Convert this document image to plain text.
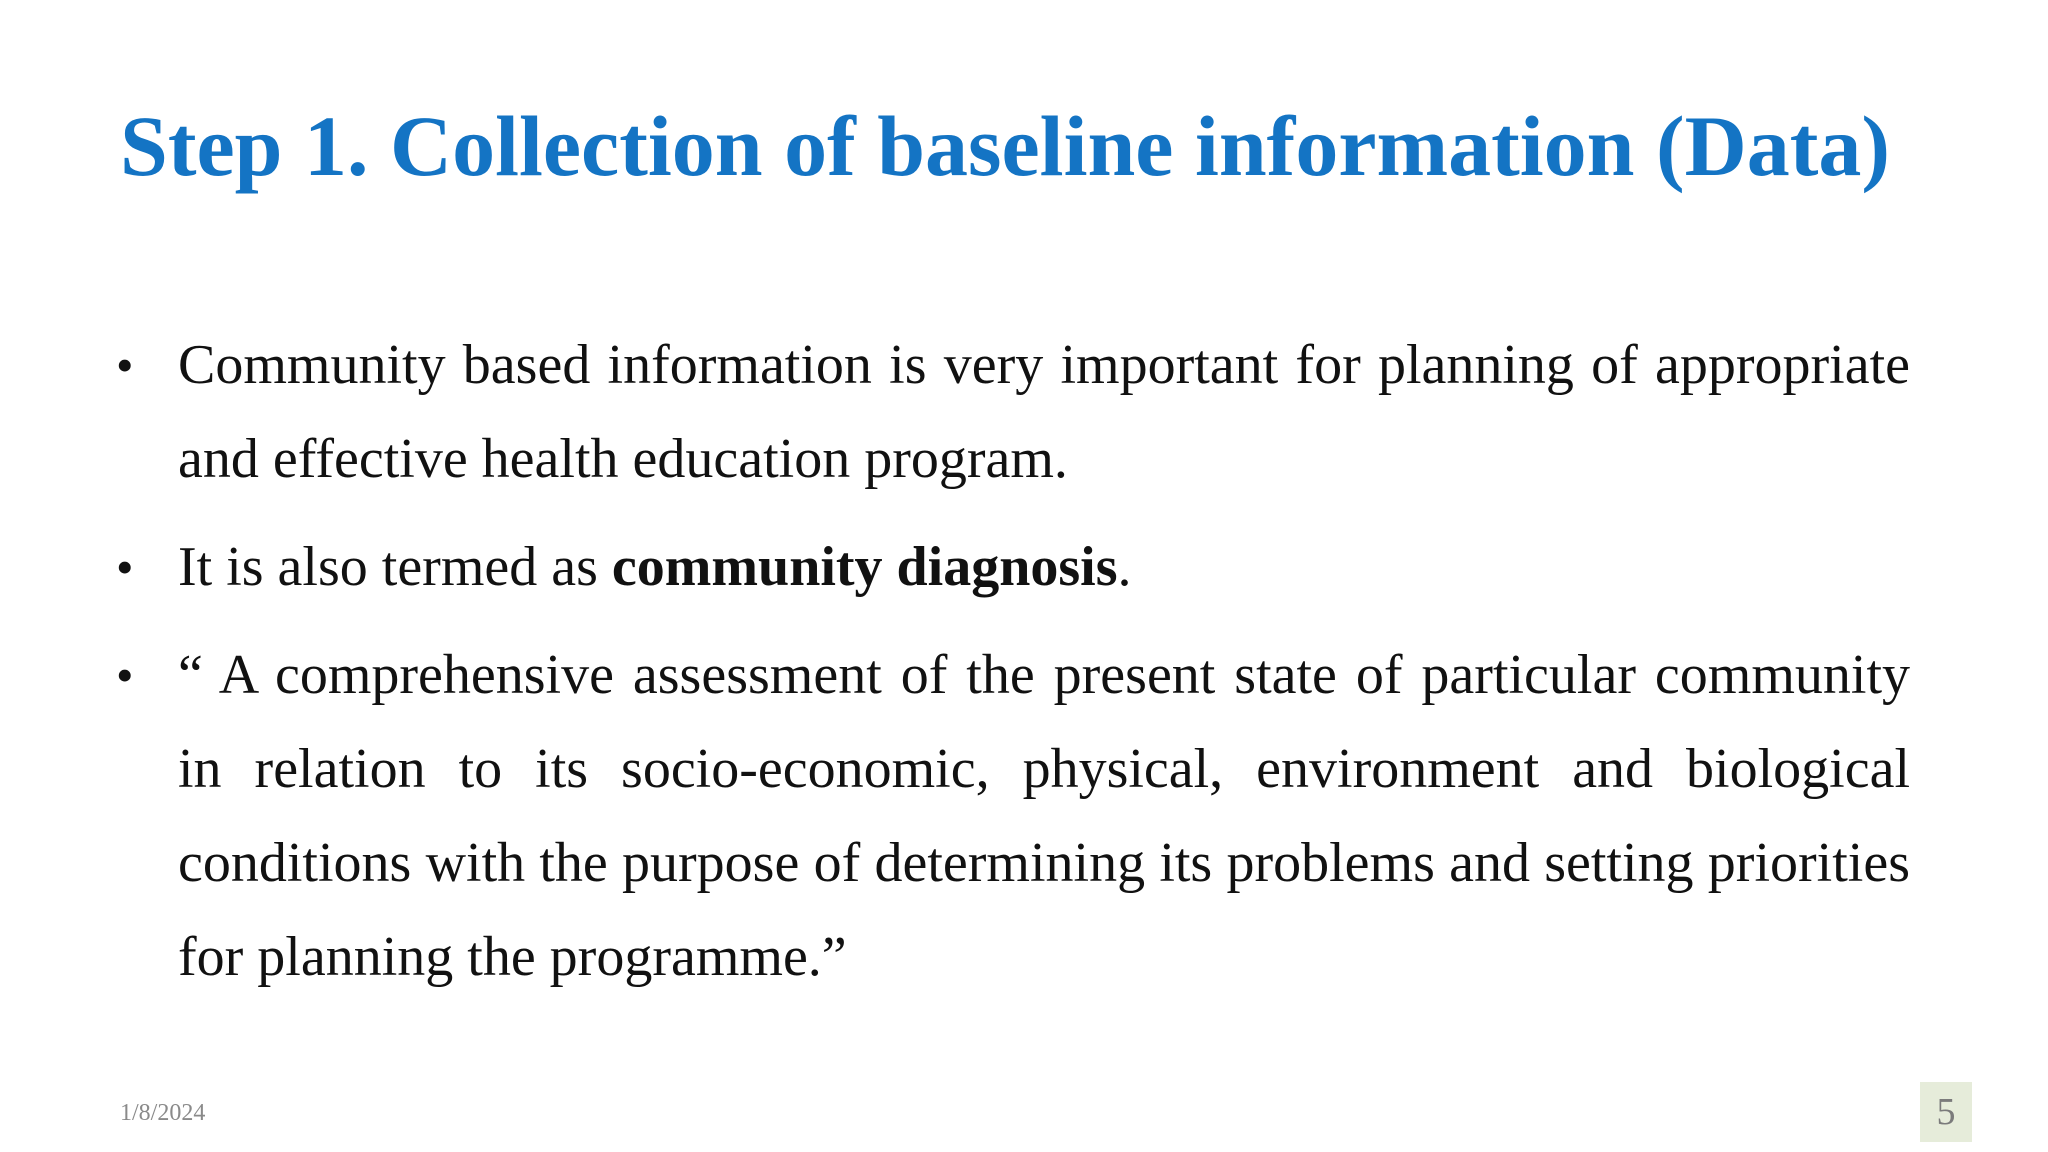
Step 1. Collection of baseline information (Data)
• Community based information is very important for planning of appropriate and effective health education program.
• It is also termed as community diagnosis.
• “ A comprehensive assessment of the present state of particular community in relation to its socio-economic, physical, environment and biological conditions with the purpose of determining its problems and setting priorities for planning the programme.”
1/8/2024	5
